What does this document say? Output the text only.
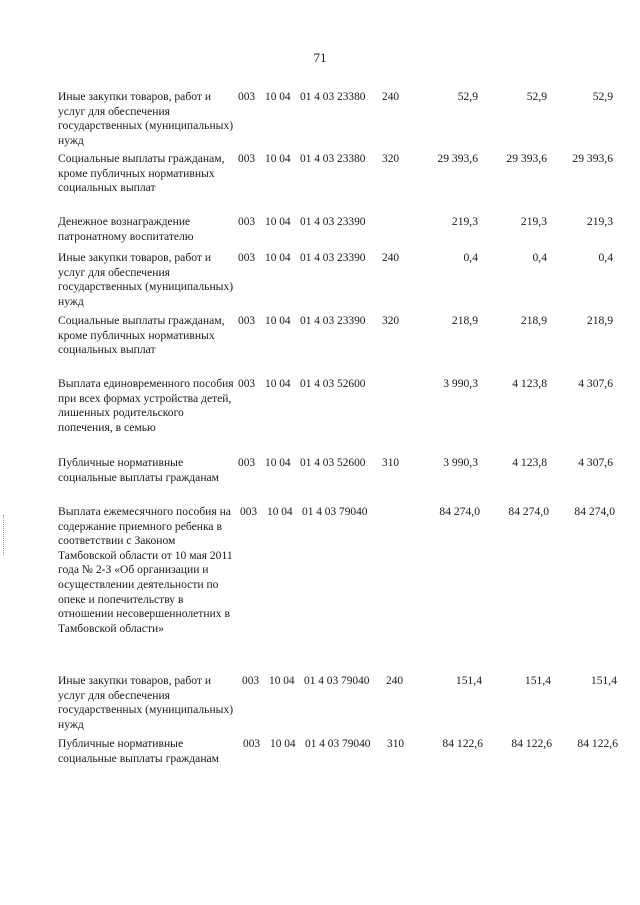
71
Иные закупки товаров, работ и услуг для обеспечения государственных (муниципальных) нужд
003 10 04 01 4 03 23380 240	52,9	52,9	52,9
Социальные выплаты гражданам, кроме публичных нормативных социальных выплат
003 10 04 01 4 03 23380 320	29 393,6	29 393,6	29 393,6
Денежное вознаграждение патронатному воспитателю
003 10 04 01 4 03 23390	219,3	219,3	219,3
Иные закупки товаров, работ и услуг для обеспечения государственных (муниципальных) нужд
003 10 04 01 4 03 23390 240	0,4	0,4	0,4
Социальные выплаты гражданам, кроме публичных нормативных социальных выплат
003 10 04 01 4 03 23390 320	218,9	218,9	218,9
Выплата единовременного пособия при всех формах устройства детей, лишенных родительского попечения, в семью
003 10 04 01 4 03 52600	3 990,3	4 123,8	4 307,6
Публичные нормативные социальные выплаты гражданам
003 10 04 01 4 03 52600 310	3 990,3	4 123,8	4 307,6
Выплата ежемесячного пособия на содержание приемного ребенка в соответствии с Законом Тамбовской области от 10 мая 2011 года № 2-З «Об организации и осуществлении деятельности по опеке и попечительству в отношении несовершеннолетних в Тамбовской области»
003 10 04 01 4 03 79040	84 274,0	84 274,0	84 274,0
Иные закупки товаров, работ и услуг для обеспечения государственных (муниципальных) нужд
003 10 04 01 4 03 79040 240	151,4	151,4	151,4
Публичные нормативные социальные выплаты гражданам
003 10 04 01 4 03 79040 310	84 122,6	84 122,6	84 122,6
